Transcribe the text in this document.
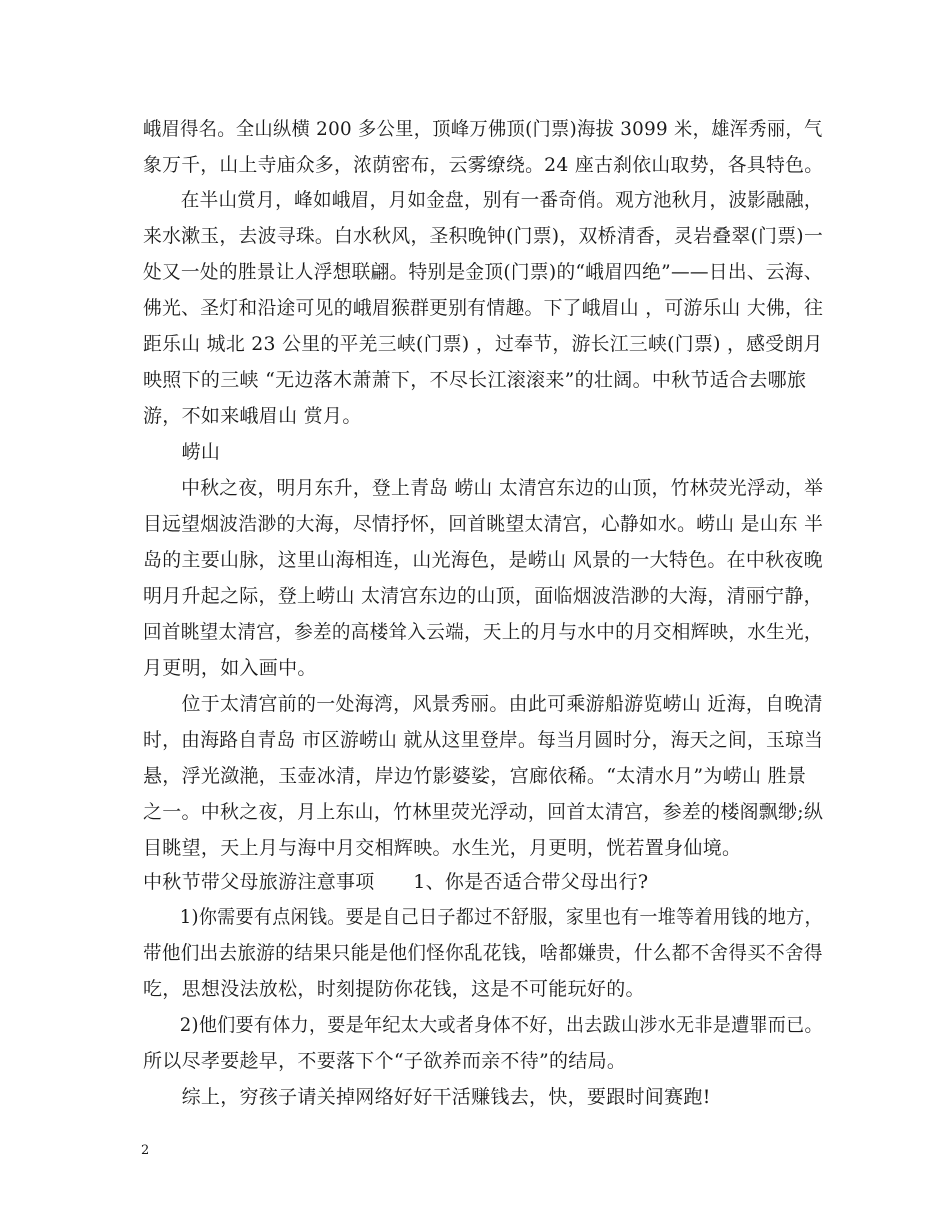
峨眉得名。全山纵横 200 多公里，顶峰万佛顶(门票)海拔 3099 米，雄浑秀丽，气
象万千，山上寺庙众多，浓荫密布，云雾缭绕。24 座古刹依山取势，各具特色。
　　在半山赏月，峰如峨眉，月如金盘，别有一番奇俏。观方池秋月，波影融融，
来水漱玉，去波寻珠。白水秋风，圣积晚钟(门票)，双桥清香，灵岩叠翠(门票)一
处又一处的胜景让人浮想联翩。特别是金顶(门票)的“峨眉四绝”——日出、云海、
佛光、圣灯和沿途可见的峨眉猴群更别有情趣。下了峨眉山 ，可游乐山 大佛，往
距乐山 城北 23 公里的平羌三峡(门票) ，过奉节，游长江三峡(门票) ，感受朗月
映照下的三峡 “无边落木萧萧下，不尽长江滚滚来”的壮阔。中秋节适合去哪旅
游，不如来峨眉山 赏月。
　　崂山
　　中秋之夜，明月东升，登上青岛 崂山 太清宫东边的山顶，竹林荧光浮动，举
目远望烟波浩渺的大海，尽情抒怀，回首眺望太清宫，心静如水。崂山 是山东 半
岛的主要山脉，这里山海相连，山光海色，是崂山 风景的一大特色。在中秋夜晚
明月升起之际，登上崂山 太清宫东边的山顶，面临烟波浩渺的大海，清丽宁静，
回首眺望太清宫，参差的高楼耸入云端，天上的月与水中的月交相辉映，水生光，
月更明，如入画中。
　　位于太清宫前的一处海湾，风景秀丽。由此可乘游船游览崂山 近海，自晚清
时，由海路自青岛 市区游崂山 就从这里登岸。每当月圆时分，海天之间，玉琼当
悬，浮光潋滟，玉壶冰清，岸边竹影婆娑，宫廊依稀。“太清水月”为崂山 胜景
之一。中秋之夜，月上东山，竹林里荧光浮动，回首太清宫，参差的楼阁飘缈;纵
目眺望，天上月与海中月交相辉映。水生光，月更明，恍若置身仙境。
中秋节带父母旅游注意事项　　1、你是否适合带父母出行?
　　1)你需要有点闲钱。要是自己日子都过不舒服，家里也有一堆等着用钱的地方，
带他们出去旅游的结果只能是他们怪你乱花钱，啥都嫌贵，什么都不舍得买不舍得
吃，思想没法放松，时刻提防你花钱，这是不可能玩好的。
　　2)他们要有体力，要是年纪太大或者身体不好，出去跋山涉水无非是遭罪而已。
所以尽孝要趁早，不要落下个“子欲养而亲不待”的结局。
　　综上，穷孩子请关掉网络好好干活赚钱去，快，要跟时间赛跑!
2
